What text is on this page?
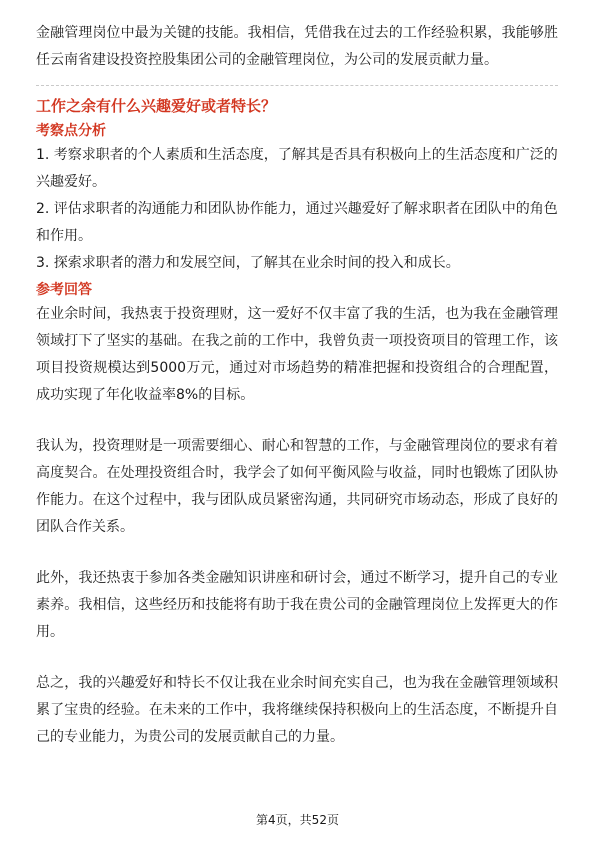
金融管理岗位中最为关键的技能。我相信，凭借我在过去的工作经验积累，我能够胜任云南省建设投资控股集团公司的金融管理岗位，为公司的发展贡献力量。

工作之余有什么兴趣爱好或者特长？
考察点分析
1. 考察求职者的个人素质和生活态度，了解其是否具有积极向上的生活态度和广泛的兴趣爱好。
2. 评估求职者的沟通能力和团队协作能力，通过兴趣爱好了解求职者在团队中的角色和作用。
3. 探索求职者的潜力和发展空间，了解其在业余时间的投入和成长。
参考回答

在业余时间，我热衷于投资理财，这一爱好不仅丰富了我的生活，也为我在金融管理领域打下了坚实的基础。在我之前的工作中，我曾负责一项投资项目的管理工作，该项目投资规模达到5000万元，通过对市场趋势的精准把握和投资组合的合理配置，成功实现了年化收益率8%的目标。

我认为，投资理财是一项需要细心、耐心和智慧的工作，与金融管理岗位的要求有着高度契合。在处理投资组合时，我学会了如何平衡风险与收益，同时也锻炼了团队协作能力。在这个过程中，我与团队成员紧密沟通，共同研究市场动态，形成了良好的团队合作关系。

此外，我还热衷于参加各类金融知识讲座和研讨会，通过不断学习，提升自己的专业素养。我相信，这些经历和技能将有助于我在贵公司的金融管理岗位上发挥更大的作用。

总之，我的兴趣爱好和特长不仅让我在业余时间充实自己，也为我在金融管理领域积累了宝贵的经验。在未来的工作中，我将继续保持积极向上的生活态度，不断提升自己的专业能力，为贵公司的发展贡献自己的力量。

第4页，共52页
